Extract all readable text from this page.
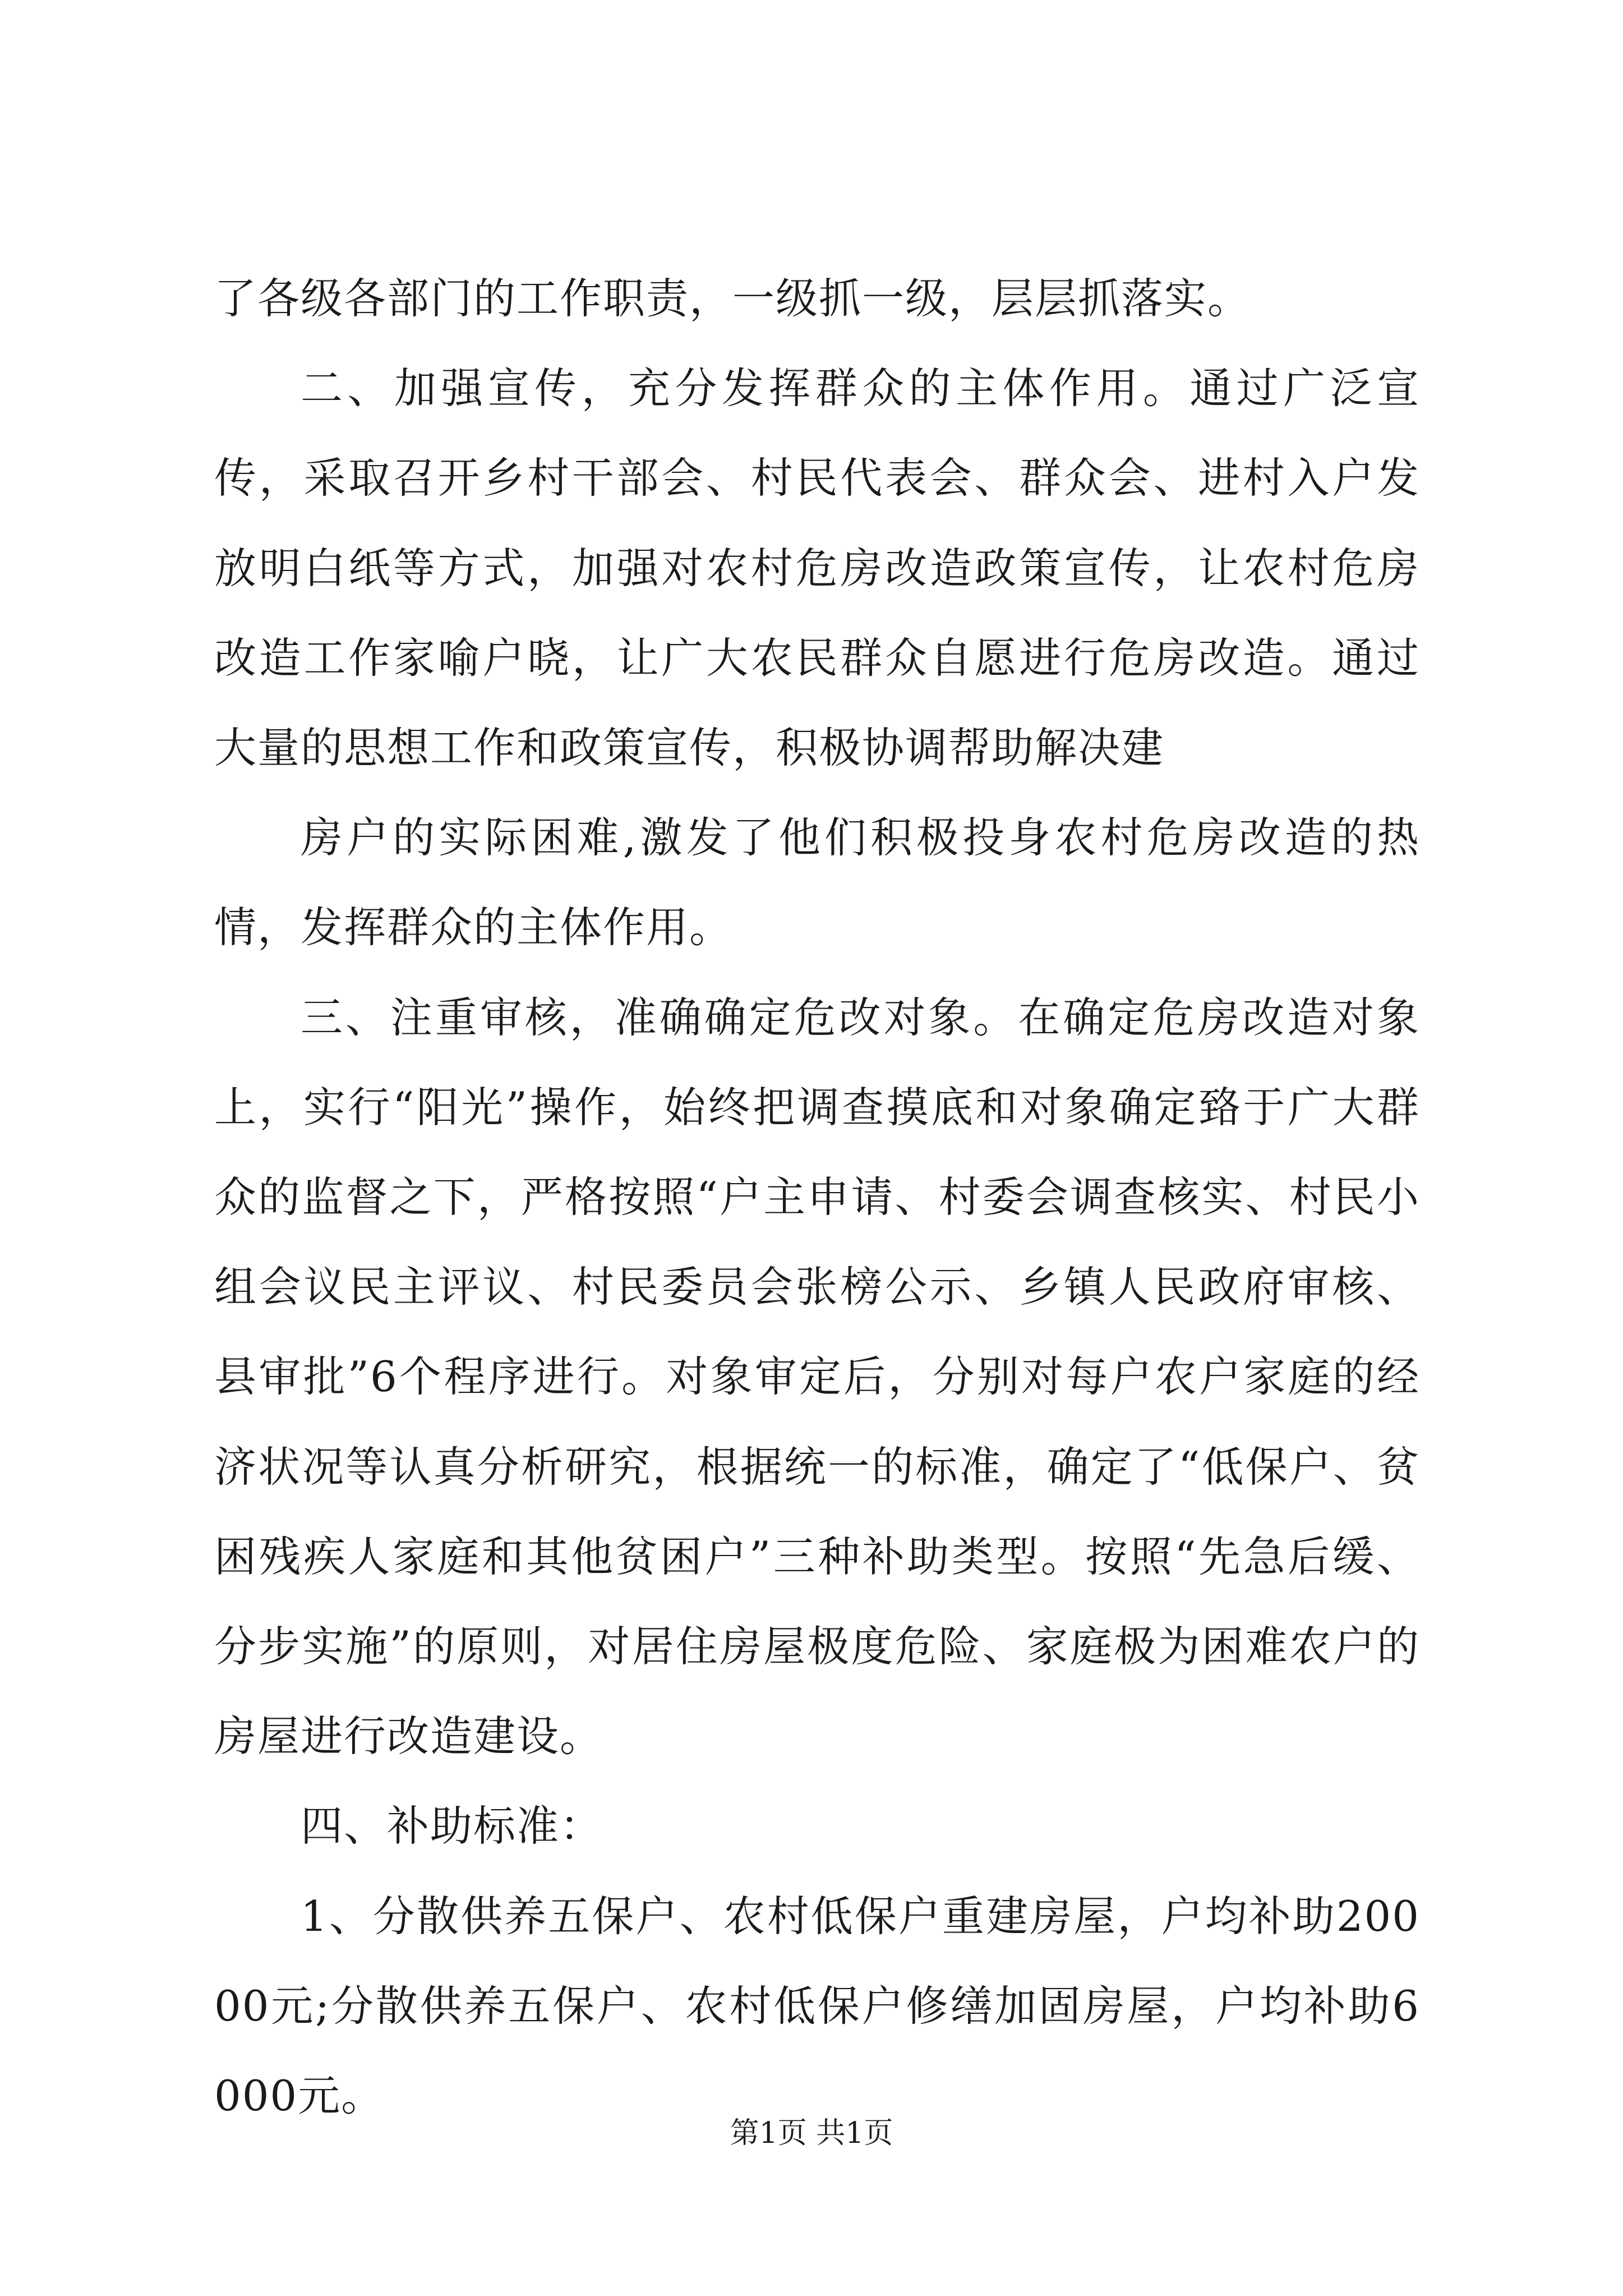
了各级各部门的工作职责，一级抓一级，层层抓落实。

二、加强宣传，充分发挥群众的主体作用。通过广泛宣传，采取召开乡村干部会、村民代表会、群众会、进村入户发放明白纸等方式，加强对农村危房改造政策宣传，让农村危房改造工作家喻户晓，让广大农民群众自愿进行危房改造。通过大量的思想工作和政策宣传，积极协调帮助解决建

房户的实际困难,激发了他们积极投身农村危房改造的热情，发挥群众的主体作用。

三、注重审核，准确确定危改对象。在确定危房改造对象上，实行“阳光”操作，始终把调查摸底和对象确定臵于广大群众的监督之下，严格按照“户主申请、村委会调查核实、村民小组会议民主评议、村民委员会张榜公示、乡镇人民政府审核、县审批”6个程序进行。对象审定后，分别对每户农户家庭的经济状况等认真分析研究，根据统一的标准，确定了“低保户、贫困残疾人家庭和其他贫困户”三种补助类型。按照“先急后缓、分步实施”的原则，对居住房屋极度危险、家庭极为困难农户的房屋进行改造建设。

四、补助标准：

1、分散供养五保户、农村低保户重建房屋，户均补助20000元;分散供养五保户、农村低保户修缮加固房屋，户均补助6000元。

第1页 共1页
